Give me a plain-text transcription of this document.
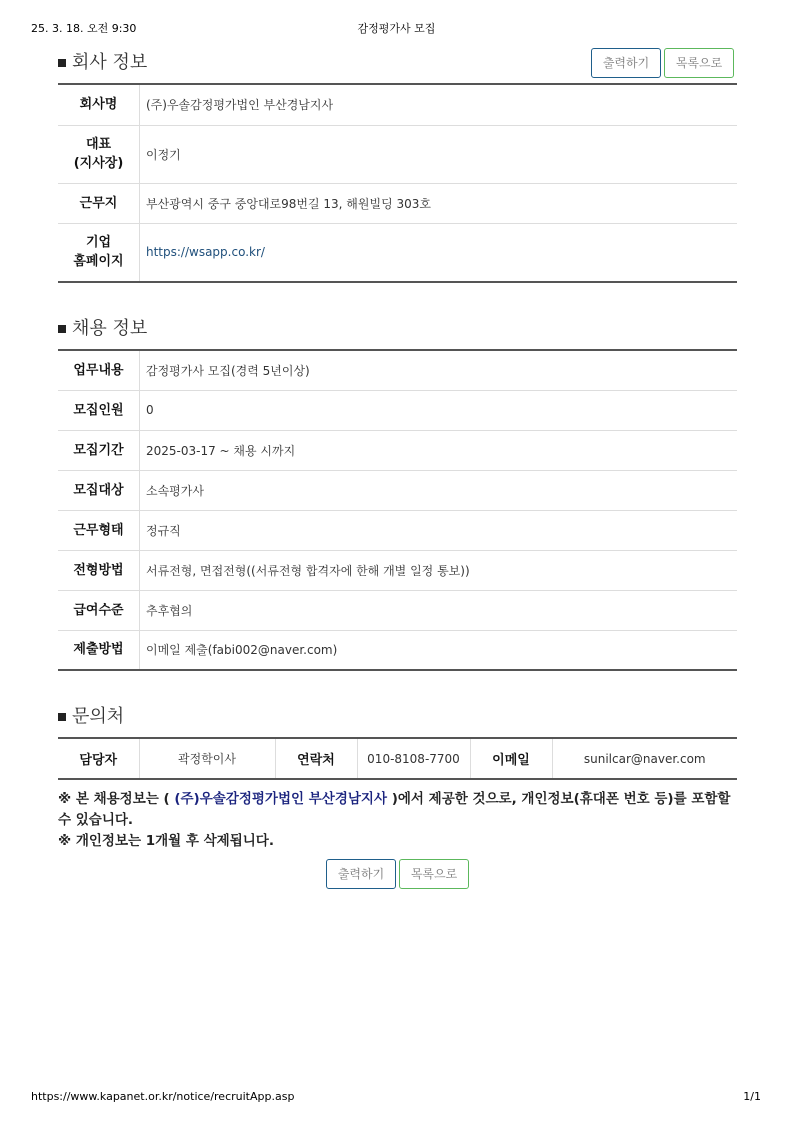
25. 3. 18. 오전 9:30	감정평가사 모집
https://www.kapanet.or.kr/notice/recruitApp.asp	1/1
회사 정보	출력하기	목록으로
회사명	(주)우솔감정평가법인 부산경남지사
대표
(지사장)	이정기
근무지	부산광역시 중구 중앙대로98번길 13, 해원빌딩 303호
기업
홈페이지	https://wsapp.co.kr/
채용 정보
업무내용	감정평가사 모집(경력 5년이상)
모집인원	0
모집기간	2025-03-17 ~ 채용 시까지
모집대상	소속평가사
근무형태	정규직
전형방법	서류전형, 면접전형((서류전형 합격자에 한해 개별 일정 통보))
급여수준	추후협의
제출방법	이메일 제출(fabi002@naver.com)
문의처
담당자	곽정학이사	연락처	010-8108-7700	이메일	sunilcar@naver.com
※ 본 채용정보는 ( (주)우솔감정평가법인 부산경남지사 )에서 제공한 것으로, 개인정보(휴대폰 번호 등)를 포함할 수 있습니다.
※ 개인정보는 1개월 후 삭제됩니다.
출력하기	목록으로
